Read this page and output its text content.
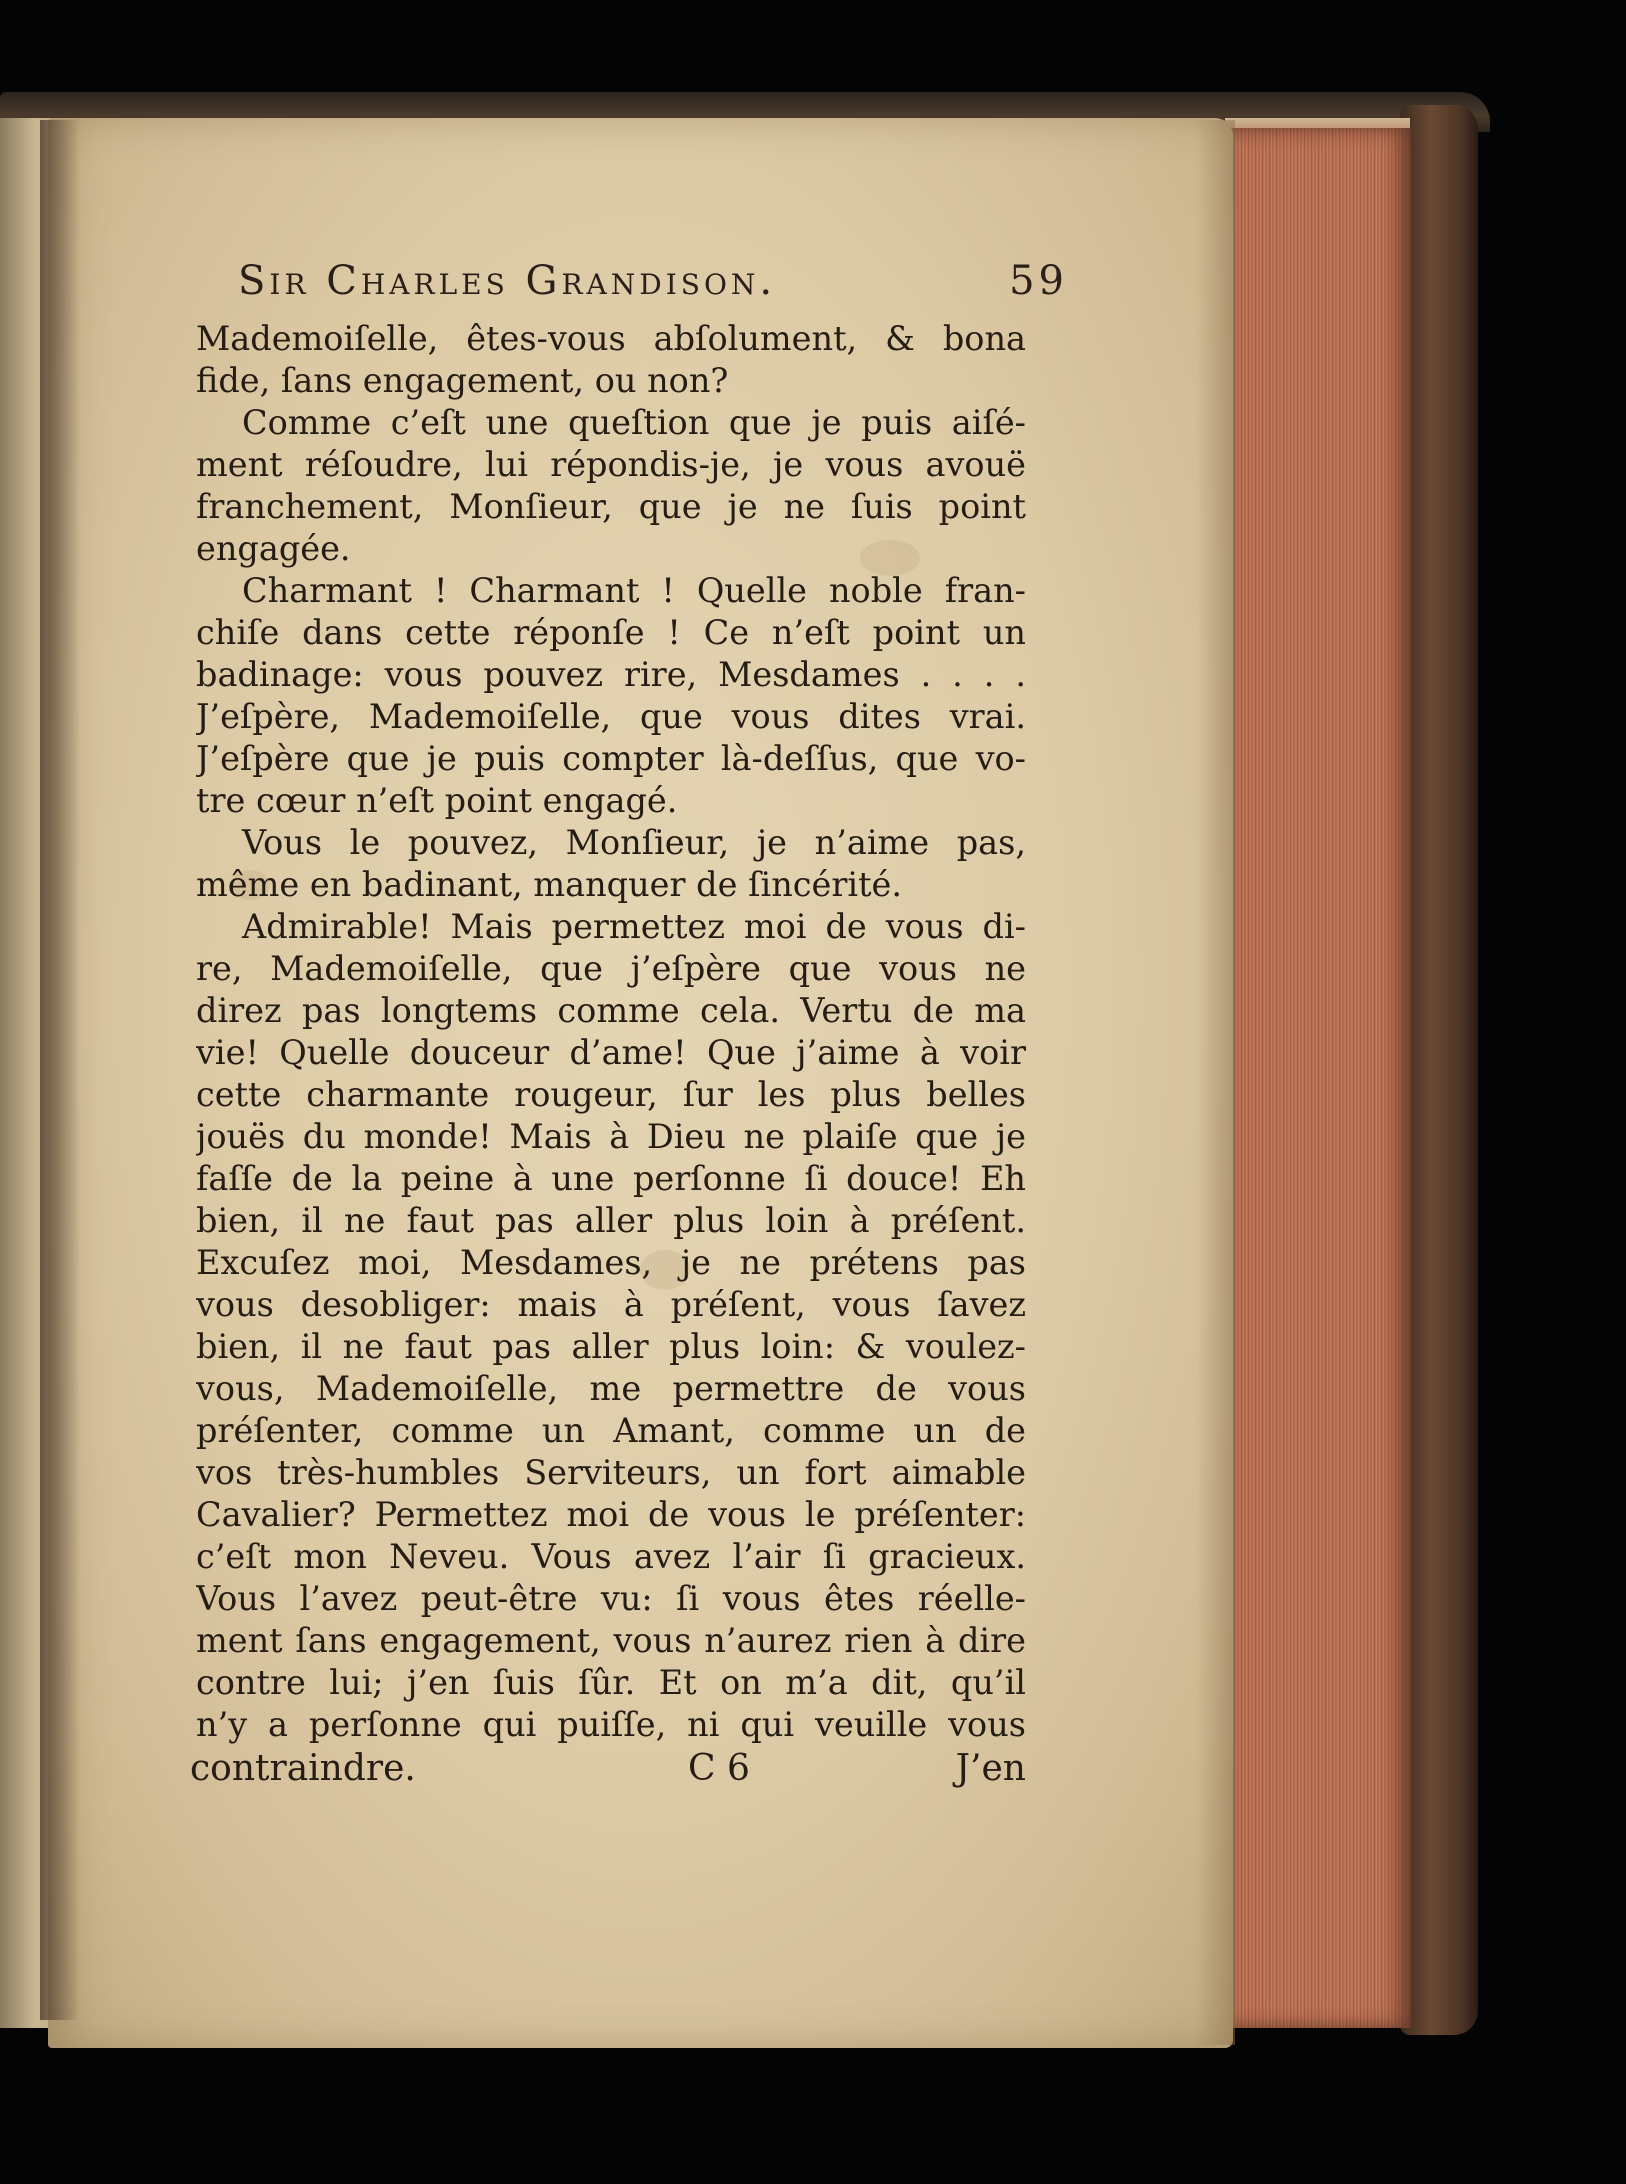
Sir Charles Grandison.	59
Mademoiſelle, êtes-vous abſolument, & bona
fide, ſans engagement, ou non?
Comme c’eſt une queſtion que je puis aiſé-
ment réſoudre, lui répondis-je, je vous avouë
franchement, Monſieur, que je ne ſuis point
engagée.
Charmant ! Charmant ! Quelle noble fran-
chiſe dans cette réponſe ! Ce n’eſt point un
badinage: vous pouvez rire, Mesdames . . . .
J’eſpère, Mademoiſelle, que vous dites vrai.
J’eſpère que je puis compter là-deſſus, que vo-
tre cœur n’eſt point engagé.
Vous le pouvez, Monſieur, je n’aime pas,
même en badinant, manquer de ſincérité.
Admirable! Mais permettez moi de vous di-
re, Mademoiſelle, que j’eſpère que vous ne
direz pas longtems comme cela. Vertu de ma
vie! Quelle douceur d’ame! Que j’aime à voir
cette charmante rougeur, ſur les plus belles
jouës du monde! Mais à Dieu ne plaiſe que je
faſſe de la peine à une perſonne ſi douce! Eh
bien, il ne faut pas aller plus loin à préſent.
Excuſez moi, Mesdames, je ne prétens pas
vous desobliger: mais à préſent, vous ſavez
bien, il ne faut pas aller plus loin: & voulez-
vous, Mademoiſelle, me permettre de vous
préſenter, comme un Amant, comme un de
vos très-humbles Serviteurs, un fort aimable
Cavalier? Permettez moi de vous le préſenter:
c’eſt mon Neveu. Vous avez l’air ſi gracieux.
Vous l’avez peut-être vu: ſi vous êtes réelle-
ment ſans engagement, vous n’aurez rien à dire
contre lui; j’en ſuis ſûr. Et on m’a dit, qu’il
n’y a perſonne qui puiſſe, ni qui veuille vous
contraindre.	C 6	J’en
